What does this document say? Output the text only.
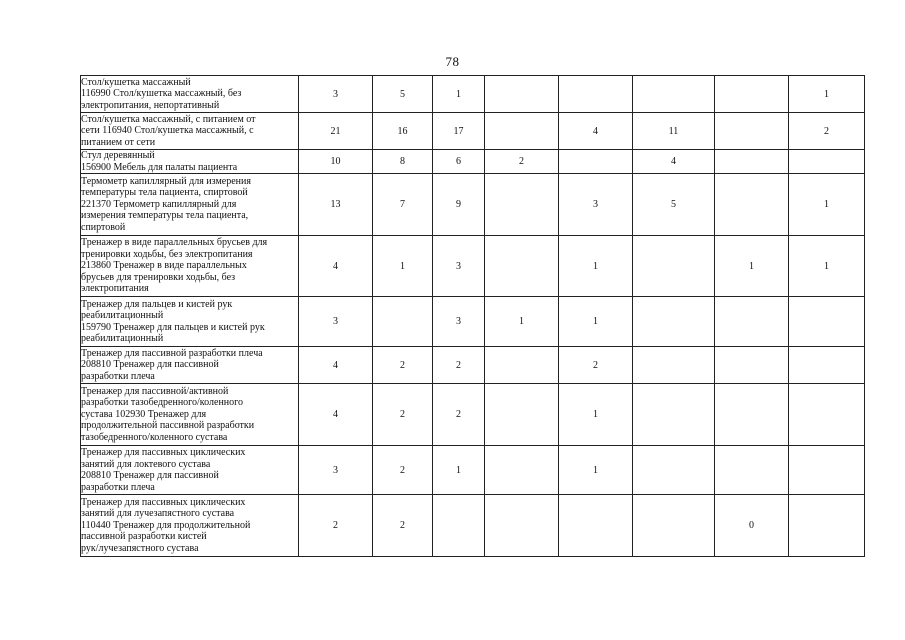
78
Стол/кушетка массажный
116990 Стол/кушетка массажный, без
электропитания, непортативный	3	5	1					1

Стол/кушетка массажный, с питанием от
сети 116940 Стол/кушетка массажный, с
питанием от сети	21	16	17		4	11		2

Стул деревянный
156900 Мебель для палаты пациента	10	8	6	2		4		

Термометр капиллярный для измерения
температуры тела пациента, спиртовой
221370 Термометр капиллярный для
измерения температуры тела пациента,
спиртовой	13	7	9		3	5		1

Тренажер в виде параллельных брусьев для
тренировки ходьбы, без электропитания
213860 Тренажер в виде параллельных
брусьев для тренировки ходьбы, без
электропитания	4	1	3		1		1	1

Тренажер для пальцев и кистей рук
реабилитационный
159790 Тренажер для пальцев и кистей рук
реабилитационный	3		3	1	1			

Тренажер для пассивной разработки плеча
208810 Тренажер для пассивной
разработки плеча	4	2	2		2			

Тренажер для пассивной/активной
разработки тазобедренного/коленного
сустава 102930 Тренажер для
продолжительной пассивной разработки
тазобедренного/коленного сустава	4	2	2		1			

Тренажер для пассивных циклических
занятий для локтевого сустава
208810 Тренажер для пассивной
разработки плеча	3	2	1		1			

Тренажер для пассивных циклических
занятий для лучезапястного сустава
110440 Тренажер для продолжительной
пассивной разработки кистей
рук/лучезапястного сустава	2	2					0	
